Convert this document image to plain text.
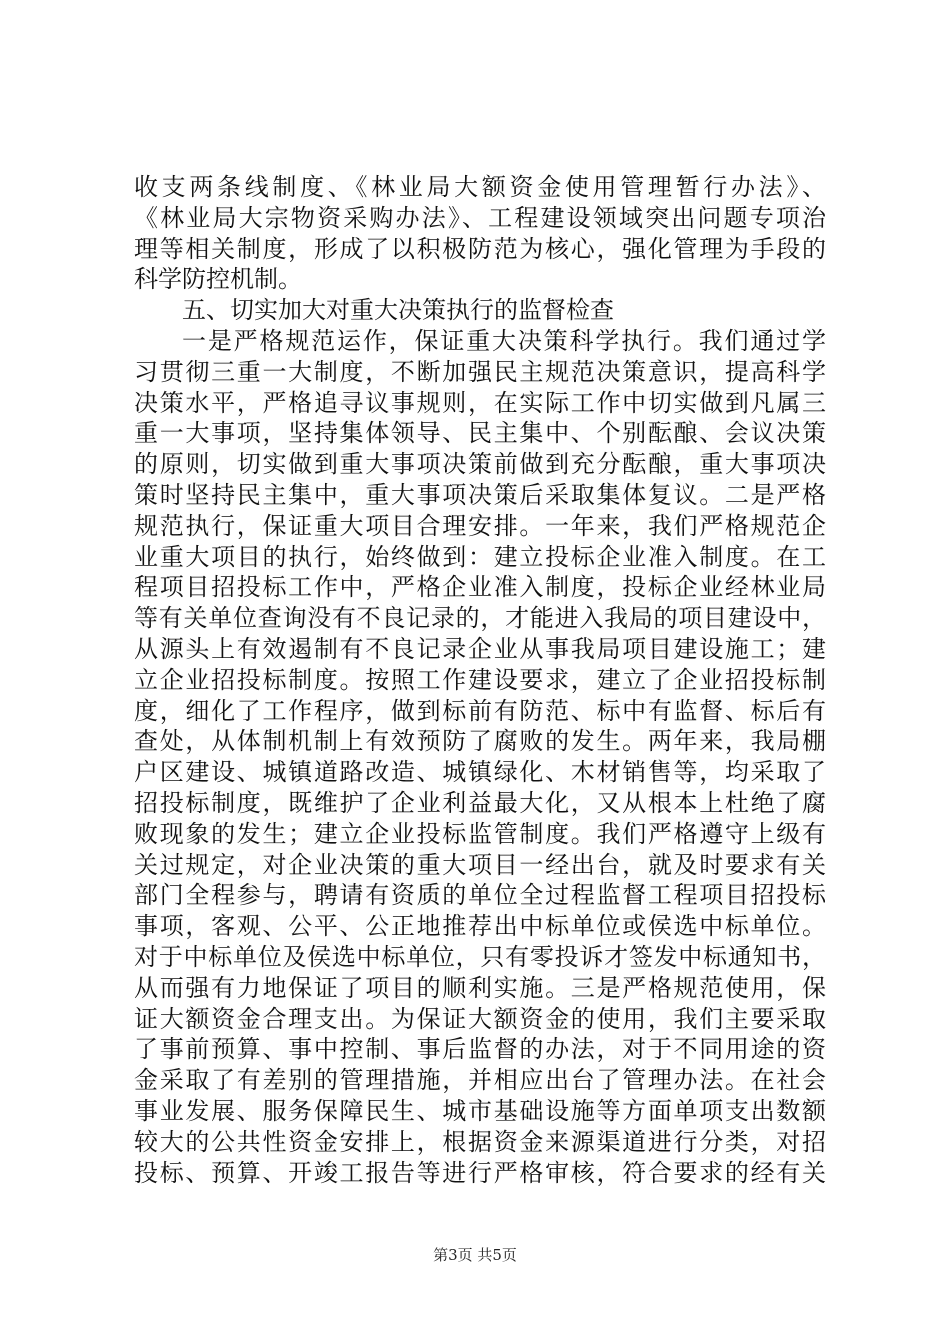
收支两条线制度、《林业局大额资金使用管理暂行办法》、
《林业局大宗物资采购办法》、工程建设领域突出问题专项治
理等相关制度，形成了以积极防范为核心，强化管理为手段的
科学防控机制。
五、切实加大对重大决策执行的监督检查
一是严格规范运作，保证重大决策科学执行。我们通过学
习贯彻三重一大制度，不断加强民主规范决策意识，提高科学
决策水平，严格追寻议事规则，在实际工作中切实做到凡属三
重一大事项，坚持集体领导、民主集中、个别酝酿、会议决策
的原则，切实做到重大事项决策前做到充分酝酿，重大事项决
策时坚持民主集中，重大事项决策后采取集体复议。二是严格
规范执行，保证重大项目合理安排。一年来，我们严格规范企
业重大项目的执行，始终做到：建立投标企业准入制度。在工
程项目招投标工作中，严格企业准入制度，投标企业经林业局
等有关单位查询没有不良记录的，才能进入我局的项目建设中，
从源头上有效遏制有不良记录企业从事我局项目建设施工；建
立企业招投标制度。按照工作建设要求，建立了企业招投标制
度，细化了工作程序，做到标前有防范、标中有监督、标后有
查处，从体制机制上有效预防了腐败的发生。两年来，我局棚
户区建设、城镇道路改造、城镇绿化、木材销售等，均采取了
招投标制度，既维护了企业利益最大化，又从根本上杜绝了腐
败现象的发生；建立企业投标监管制度。我们严格遵守上级有
关过规定，对企业决策的重大项目一经出台，就及时要求有关
部门全程参与，聘请有资质的单位全过程监督工程项目招投标
事项，客观、公平、公正地推荐出中标单位或侯选中标单位。
对于中标单位及侯选中标单位，只有零投诉才签发中标通知书，
从而强有力地保证了项目的顺利实施。三是严格规范使用，保
证大额资金合理支出。为保证大额资金的使用，我们主要采取
了事前预算、事中控制、事后监督的办法，对于不同用途的资
金采取了有差别的管理措施，并相应出台了管理办法。在社会
事业发展、服务保障民生、城市基础设施等方面单项支出数额
较大的公共性资金安排上，根据资金来源渠道进行分类，对招
投标、预算、开竣工报告等进行严格审核，符合要求的经有关
第3页 共5页
